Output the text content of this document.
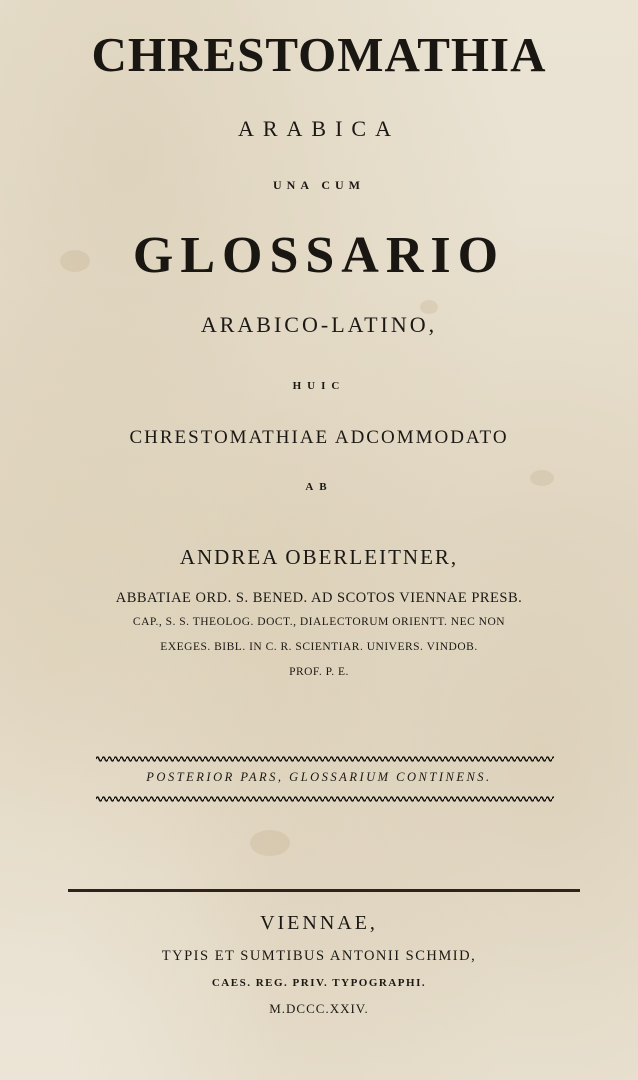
CHRESTOMATHIA
ARABICA
UNA CUM
GLOSSARIO
ARABICO-LATINO,
HUIC
CHRESTOMATHIAE ADCOMMODATO
AB
ANDREA OBERLEITNER,
ABBATIAE ORD. S. BENED. AD SCOTOS VIENNAE PRESB.
CAP., S. S. THEOLOG. DOCT., DIALECTORUM ORIENTT. NEC NON
EXEGES. BIBL. IN C. R. SCIENTIAR. UNIVERS. VINDOB.
PROF. P. E.
POSTERIOR PARS, GLOSSARIUM CONTINENS.
VIENNAE,
TYPIS ET SUMTIBUS ANTONII SCHMID,
CAES. REG. PRIV. TYPOGRAPHI.
M.DCCC.XXIV.
